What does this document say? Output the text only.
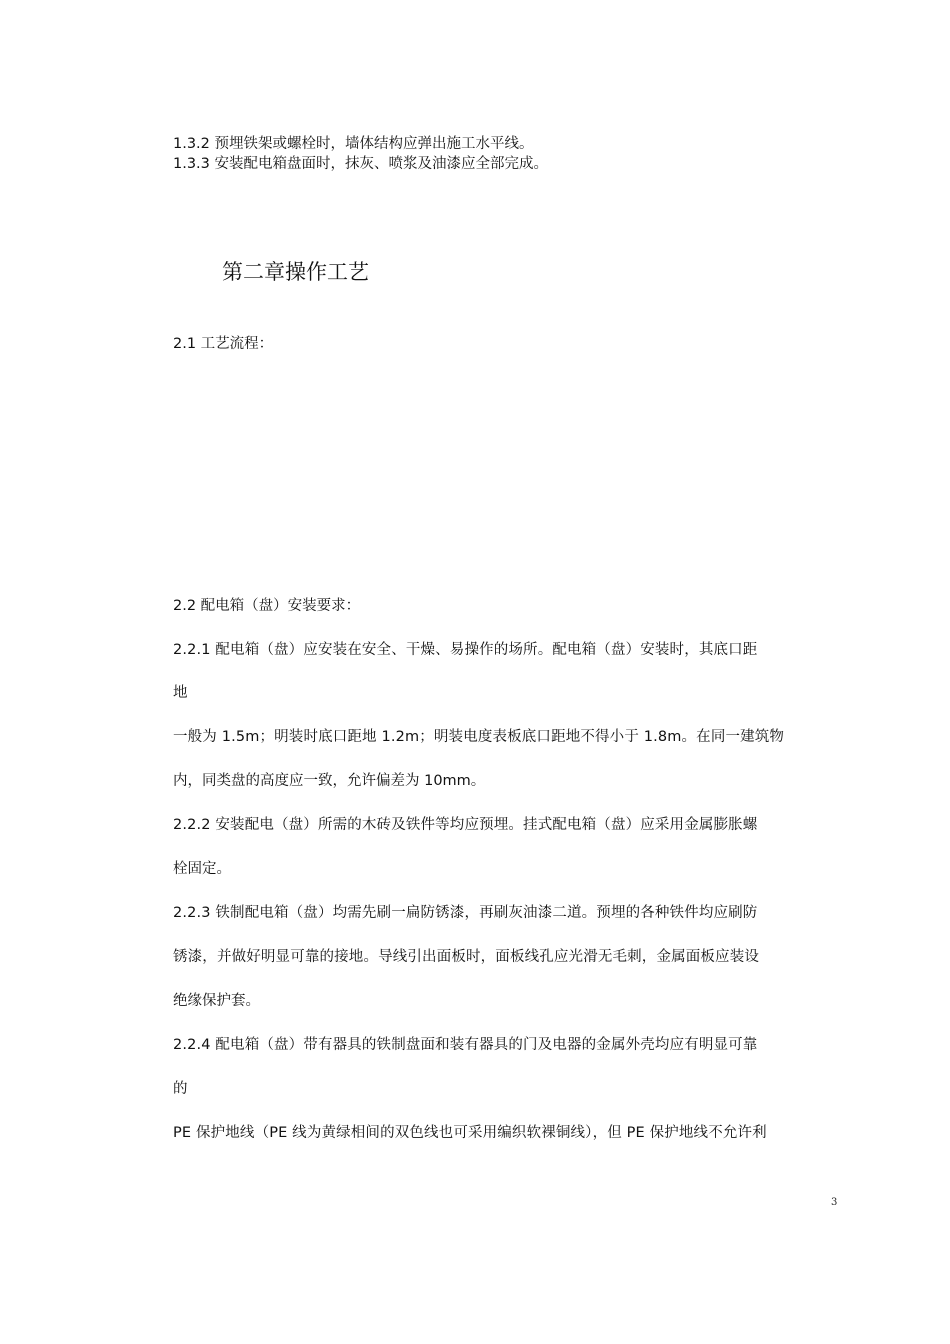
1.3.2 预埋铁架或螺栓时，墙体结构应弹出施工水平线。
1.3.3 安装配电箱盘面时，抹灰、喷浆及油漆应全部完成。
第二章操作工艺
2.1 工艺流程：
2.2 配电箱（盘）安装要求：
2.2.1 配电箱（盘）应安装在安全、干燥、易操作的场所。配电箱（盘）安装时，其底口距
地
一般为 1.5m；明装时底口距地 1.2m；明装电度表板底口距地不得小于 1.8m。在同一建筑物
内，同类盘的高度应一致，允许偏差为 10mm。
2.2.2 安装配电（盘）所需的木砖及铁件等均应预埋。挂式配电箱（盘）应采用金属膨胀螺
栓固定。
2.2.3 铁制配电箱（盘）均需先刷一扁防锈漆，再刷灰油漆二道。预埋的各种铁件均应刷防
锈漆，并做好明显可靠的接地。导线引出面板时，面板线孔应光滑无毛刺，金属面板应装设
绝缘保护套。
2.2.4 配电箱（盘）带有器具的铁制盘面和装有器具的门及电器的金属外壳均应有明显可靠
的
PE 保护地线（PE 线为黄绿相间的双色线也可采用编织软裸铜线），但 PE 保护地线不允许利
3
